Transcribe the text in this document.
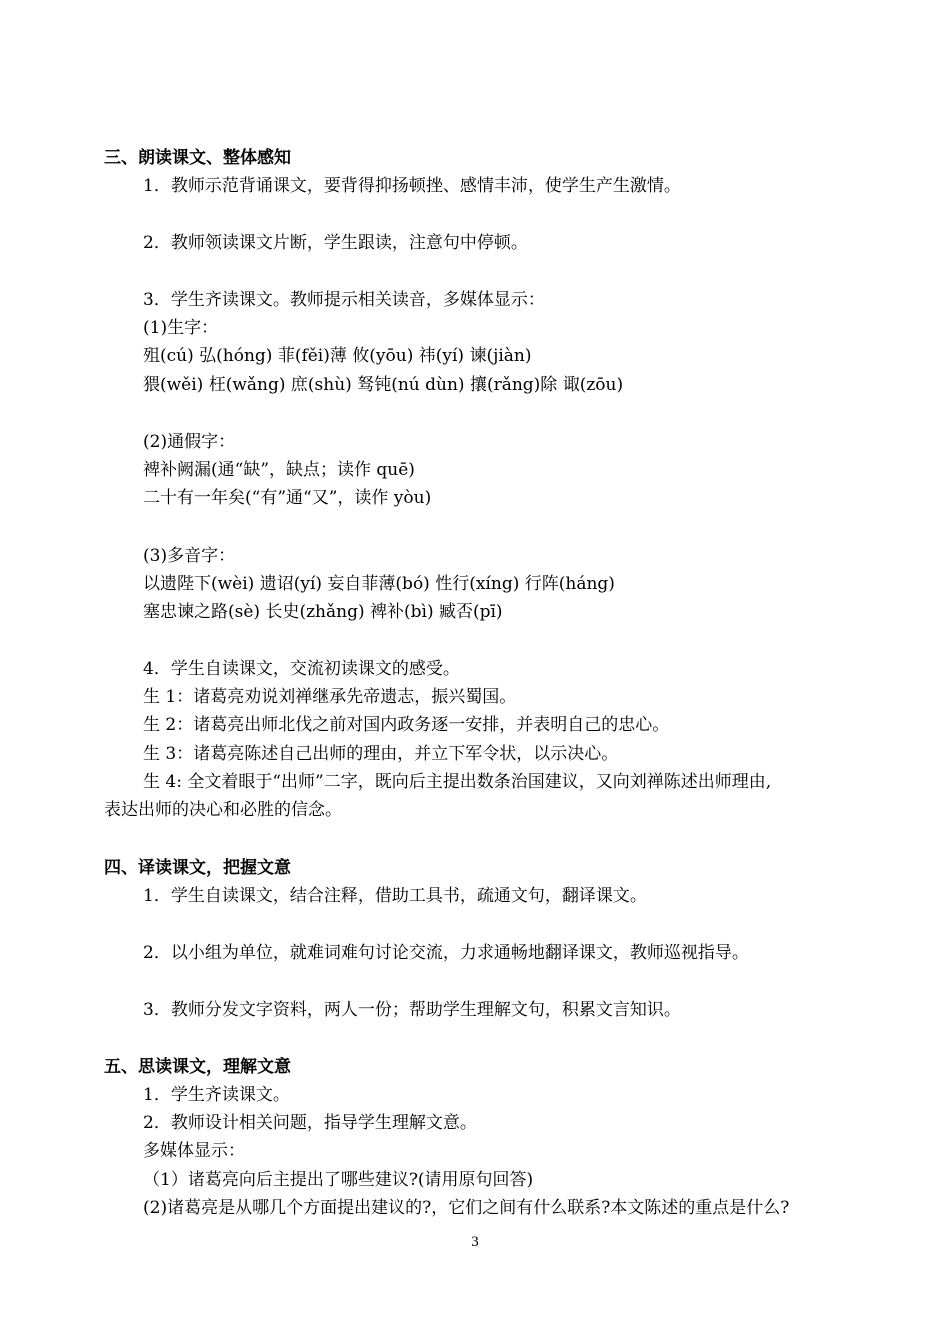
三、朗读课文、整体感知
1．教师示范背诵课文，要背得抑扬顿挫、感情丰沛，使学生产生激情。
2．教师领读课文片断，学生跟读，注意句中停顿。
3．学生齐读课文。教师提示相关读音，多媒体显示：
(1)生字：
殂(cú) 弘(hóng) 菲(fěi)薄 攸(yōu) 祎(yí) 谏(jiàn)
猥(wěi) 枉(wǎng) 庶(shù) 驽钝(nú dùn) 攘(rǎng)除 诹(zōu)
(2)通假字：
裨补阙漏(通“缺”，缺点；读作 quē)
二十有一年矣(“有”通“又”，读作 yòu)
(3)多音字：
以遗陛下(wèi) 遗诏(yí) 妄自菲薄(bó) 性行(xíng) 行阵(háng)
塞忠谏之路(sè) 长史(zhǎng) 裨补(bì) 臧否(pī)
4．学生自读课文，交流初读课文的感受。
生 1：诸葛亮劝说刘禅继承先帝遗志，振兴蜀国。
生 2：诸葛亮出师北伐之前对国内政务逐一安排，并表明自己的忠心。
生 3：诸葛亮陈述自己出师的理由，并立下军令状，以示决心。
生 4: 全文着眼于“出师”二字，既向后主提出数条治国建议，又向刘禅陈述出师理由,
表达出师的决心和必胜的信念。
四、译读课文，把握文意
1．学生自读课文，结合注释，借助工具书，疏通文句，翻译课文。
2．以小组为单位，就难词难句讨论交流，力求通畅地翻译课文，教师巡视指导。
3．教师分发文字资料，两人一份；帮助学生理解文句，积累文言知识。
五、思读课文，理解文意
1．学生齐读课文。
2．教师设计相关问题，指导学生理解文意。
多媒体显示：
（1）诸葛亮向后主提出了哪些建议?(请用原句回答)
(2)诸葛亮是从哪几个方面提出建议的?，它们之间有什么联系?本文陈述的重点是什么?
3
